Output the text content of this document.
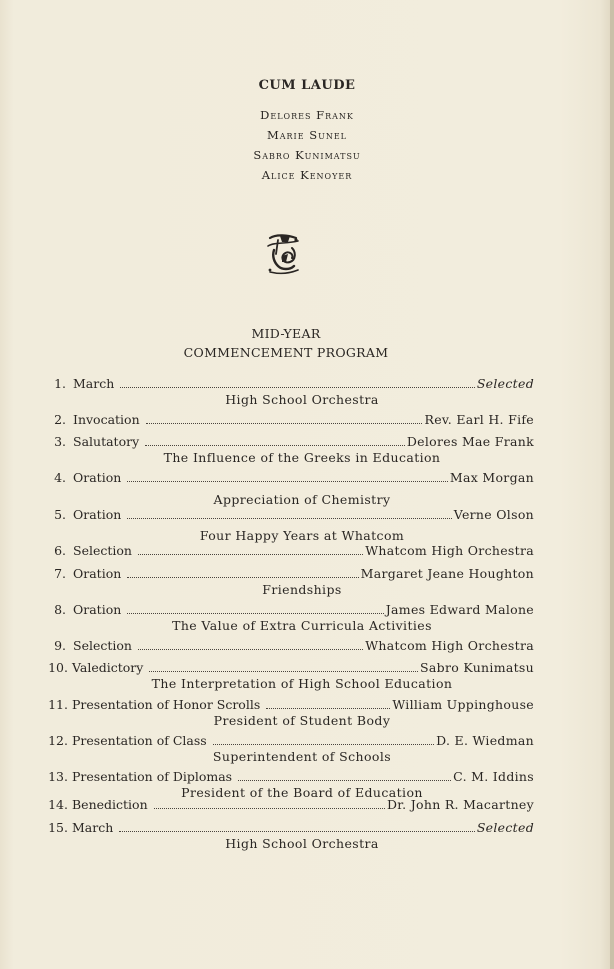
CUM LAUDE
Delores Frank
Marie Sunel
Sabro Kunimatsu
Alice Kenoyer
MID-YEAR
COMMENCEMENT PROGRAM
1. March	Selected
High School Orchestra
2. Invocation	Rev. Earl H. Fife
3. Salutatory	Delores Mae Frank
The Influence of the Greeks in Education
4. Oration	Max Morgan
Appreciation of Chemistry
5. Oration	Verne Olson
Four Happy Years at Whatcom
6. Selection	Whatcom High Orchestra
7. Oration	Margaret Jeane Houghton
Friendships
8. Oration	James Edward Malone
The Value of Extra Curricula Activities
9. Selection	Whatcom High Orchestra
10. Valedictory	Sabro Kunimatsu
The Interpretation of High School Education
11. Presentation of Honor Scrolls	William Uppinghouse
President of Student Body
12. Presentation of Class	D. E. Wiedman
Superintendent of Schools
13. Presentation of Diplomas	C. M. Iddins
President of the Board of Education
14. Benediction	Dr. John R. Macartney
15. March	Selected
High School Orchestra
